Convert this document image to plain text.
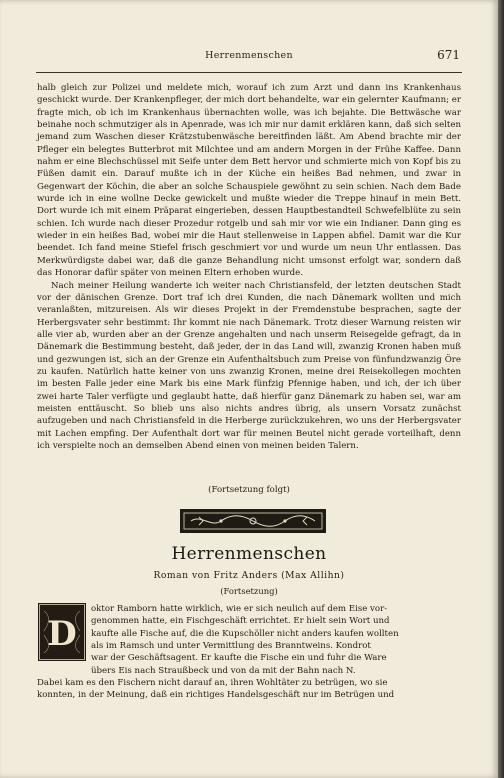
Herrenmenschen	671

halb gleich zur Polizei und meldete mich, worauf ich zum Arzt und dann ins Krankenhaus geschickt wurde. Der Krankenpfleger, der mich dort behandelte, war ein gelernter Kaufmann; er fragte mich, ob ich im Krankenhaus übernachten wolle, was ich bejahte. Die Bettwäsche war beinahe noch schmutziger als in Apenrade, was ich mir nur damit erklären kann, daß sich selten jemand zum Waschen dieser Krätzstubenwäsche bereitfinden läßt. Am Abend brachte mir der Pfleger ein belegtes Butterbrot mit Milchtee und am andern Morgen in der Frühe Kaffee. Dann nahm er eine Blechschüssel mit Seife unter dem Bett hervor und schmierte mich von Kopf bis zu Füßen damit ein. Darauf mußte ich in der Küche ein heißes Bad nehmen, und zwar in Gegenwart der Köchin, die aber an solche Schauspiele gewöhnt zu sein schien. Nach dem Bade wurde ich in eine wollne Decke gewickelt und mußte wieder die Treppe hinauf in mein Bett. Dort wurde ich mit einem Präparat eingerieben, dessen Hauptbestandteil Schwefelblüte zu sein schien. Ich wurde nach dieser Prozedur rotgelb und sah mir vor wie ein Indianer. Dann ging es wieder in ein heißes Bad, wobei mir die Haut stellenweise in Lappen abfiel. Damit war die Kur beendet. Ich fand meine Stiefel frisch geschmiert vor und wurde um neun Uhr entlassen. Das Merkwürdigste dabei war, daß die ganze Behandlung nicht umsonst erfolgt war, sondern daß das Honorar dafür später von meinen Eltern erhoben wurde.

Nach meiner Heilung wanderte ich weiter nach Christiansfeld, der letzten deutschen Stadt vor der dänischen Grenze. Dort traf ich drei Kunden, die nach Dänemark wollten und mich veranlaßten, mitzureisen. Als wir dieses Projekt in der Fremdenstube besprachen, sagte der Herbergsvater sehr bestimmt: Ihr kommt nie nach Dänemark. Trotz dieser Warnung reisten wir alle vier ab, wurden aber an der Grenze angehalten und nach unserm Reisegelde gefragt, da in Dänemark die Bestimmung besteht, daß jeder, der in das Land will, zwanzig Kronen haben muß und gezwungen ist, sich an der Grenze ein Aufenthaltsbuch zum Preise von fünfundzwanzig Öre zu kaufen. Natürlich hatte keiner von uns zwanzig Kronen, meine drei Reisekollegen mochten im besten Falle jeder eine Mark bis eine Mark fünfzig Pfennige haben, und ich, der ich über zwei harte Taler verfügte und geglaubt hatte, daß hierfür ganz Dänemark zu haben sei, war am meisten enttäuscht. So blieb uns also nichts andres übrig, als unsern Vorsatz zunächst aufzugeben und nach Christiansfeld in die Herberge zurückzukehren, wo uns der Herbergsvater mit Lachen empfing. Der Aufenthalt dort war für meinen Beutel nicht gerade vorteilhaft, denn ich verspielte noch an demselben Abend einen von meinen beiden Talern.

(Fortsetzung folgt)
Herrenmenschen
Roman von Fritz Anders (Max Allihn)
(Fortsetzung)
D
oktor Ramborn hatte wirklich, wie er sich neulich auf dem Eise vor-
genommen hatte, ein Fischgeschäft errichtet. Er hielt sein Wort und
kaufte alle Fische auf, die die Kupschöller nicht anders kaufen wollten
als im Ramsch und unter Vermittlung des Branntweins. Kondrot
war der Geschäftsagent. Er kaufte die Fische ein und fuhr die Ware
übers Eis nach Straußbeck und von da mit der Bahn nach N.
Dabei kam es den Fischern nicht darauf an, ihren Wohltäter zu betrügen, wo sie
konnten, in der Meinung, daß ein richtiges Handelsgeschäft nur im Betrügen und
